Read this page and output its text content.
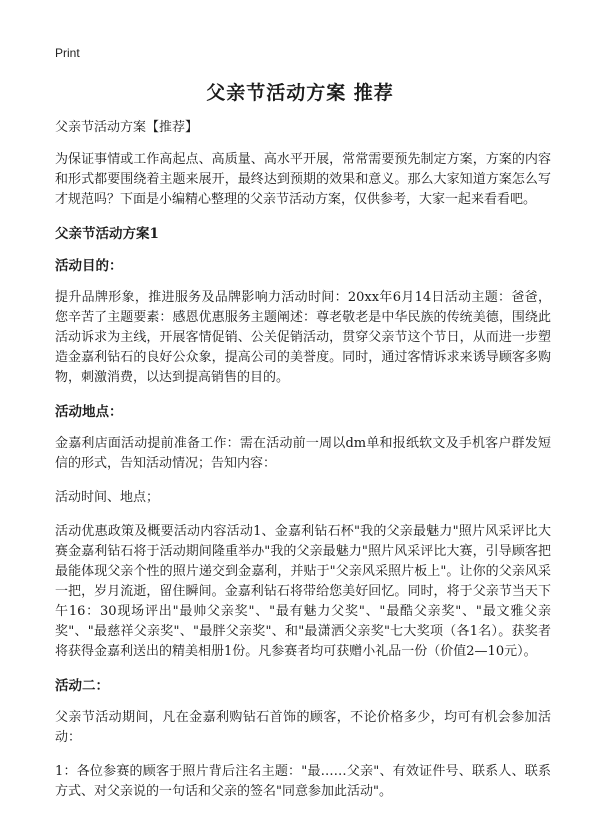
Print
父亲节活动方案 推荐

父亲节活动方案【推荐】

为保证事情或工作高起点、高质量、高水平开展，常常需要预先制定方案，方案的内容和形式都要围绕着主题来展开，最终达到预期的效果和意义。那么大家知道方案怎么写才规范吗？下面是小编精心整理的父亲节活动方案，仅供参考，大家一起来看看吧。

父亲节活动方案1
活动目的：

提升品牌形象，推进服务及品牌影响力活动时间：20xx年6月14日活动主题：爸爸，您辛苦了主题要素：感恩优惠服务主题阐述：尊老敬老是中华民族的传统美德，围绕此活动诉求为主线，开展客情促销、公关促销活动，贯穿父亲节这个节日，从而进一步塑造金嘉利钻石的良好公众象，提高公司的美誉度。同时，通过客情诉求来诱导顾客多购物，刺激消费，以达到提高销售的目的。

活动地点：

金嘉利店面活动提前准备工作：需在活动前一周以dm单和报纸软文及手机客户群发短信的形式，告知活动情况；告知内容：

活动时间、地点；

活动优惠政策及概要活动内容活动1、金嘉利钻石杯"我的父亲最魅力"照片风采评比大赛金嘉利钻石将于活动期间隆重举办"我的父亲最魅力"照片风采评比大赛，引导顾客把最能体现父亲个性的照片递交到金嘉利，并贴于"父亲风采照片板上"。让你的父亲风采一把，岁月流逝，留住瞬间。金嘉利钻石将带给您美好回忆。同时，将于父亲节当天下午16：30现场评出"最帅父亲奖"、"最有魅力父奖"、"最酷父亲奖"、"最文雅父亲奖"、"最慈祥父亲奖"、"最胖父亲奖"、和"最潇洒父亲奖"七大奖项（各1名）。获奖者将获得金嘉利送出的精美相册1份。凡参赛者均可获赠小礼品一份（价值2—10元）。

活动二：

父亲节活动期间，凡在金嘉利购钻石首饰的顾客，不论价格多少，均可有机会参加活动：

1：各位参赛的顾客于照片背后注名主题："最……父亲"、有效证件号、联系人、联系方式、对父亲说的一句话和父亲的签名"同意参加此活动"。
